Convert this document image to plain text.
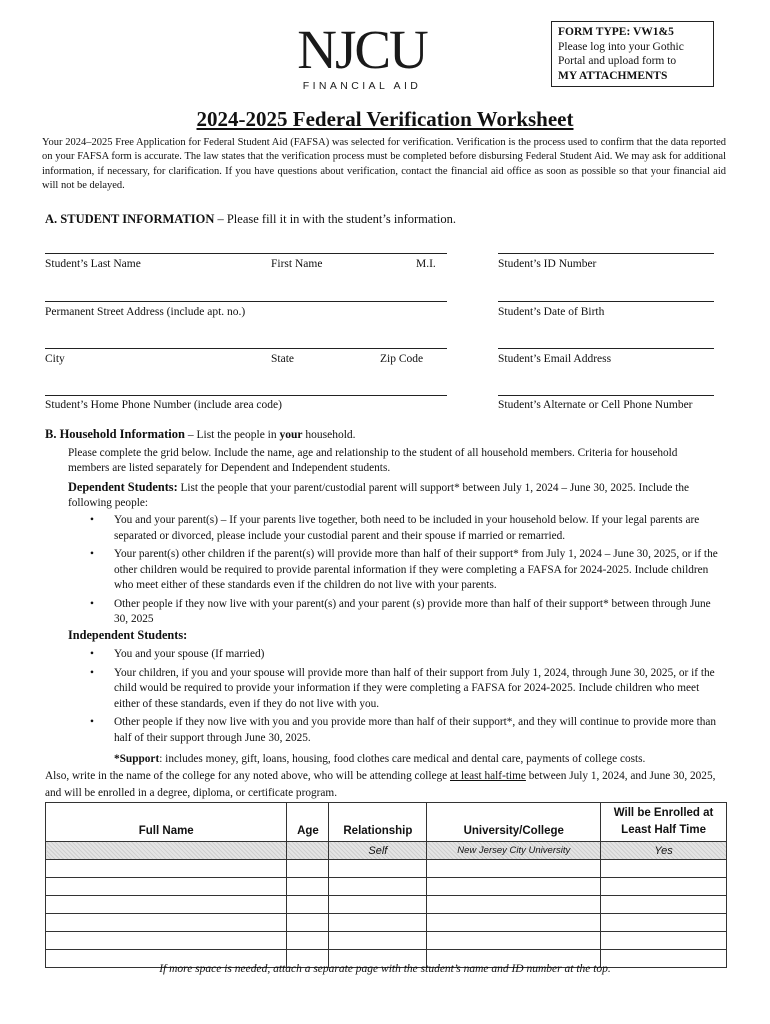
NJCU
FINANCIAL AID
FORM TYPE: VW1&5
Please log into your Gothic
Portal and upload form to
MY ATTACHMENTS
2024-2025 Federal Verification Worksheet
Your 2024–2025 Free Application for Federal Student Aid (FAFSA) was selected for verification. Verification is the process used to confirm that the data reported on your FAFSA form is accurate. The law states that the verification process must be completed before disbursing Federal Student Aid. We may ask for additional information, if necessary, for clarification. If you have questions about verification, contact the financial aid office as soon as possible so that your financial aid will not be delayed.
A. STUDENT INFORMATION – Please fill it in with the student’s information.
Student’s Last Name	First Name	M.I.	Student’s ID Number
Permanent Street Address (include apt. no.)	Student’s Date of Birth
City	State	Zip Code	Student’s Email Address
Student’s Home Phone Number (include area code)	Student’s Alternate or Cell Phone Number
B. Household Information – List the people in your household.
Please complete the grid below. Include the name, age and relationship to the student of all household members. Criteria for household members are listed separately for Dependent and Independent students.
Dependent Students: List the people that your parent/custodial parent will support* between July 1, 2024 – June 30, 2025. Include the following people:
• You and your parent(s) – If your parents live together, both need to be included in your household below. If your legal parents are separated or divorced, please include your custodial parent and their spouse if married or remarried.
• Your parent(s) other children if the parent(s) will provide more than half of their support* from July 1, 2024 – June 30, 2025, or if the other children would be required to provide parental information if they were completing a FAFSA for 2024-2025. Include children who meet either of these standards even if the children do not live with your parents.
• Other people if they now live with your parent(s) and your parent (s) provide more than half of their support* between through June 30, 2025
Independent Students:
• You and your spouse (If married)
• Your children, if you and your spouse will provide more than half of their support from July 1, 2024, through June 30, 2025, or if the child would be required to provide your information if they were completing a FAFSA for 2024-2025. Include children who meet either of these standards, even if they do not live with you.
• Other people if they now live with you and you provide more than half of their support*, and they will continue to provide more than half of their support through June 30, 2025.
*Support: includes money, gift, loans, housing, food clothes care medical and dental care, payments of college costs.
Also, write in the name of the college for any noted above, who will be attending college at least half-time between July 1, 2024, and June 30, 2025, and will be enrolled in a degree, diploma, or certificate program.
Full Name	Age	Relationship	University/College	Will be Enrolled at Least Half Time
		Self	New Jersey City University	Yes

If more space is needed, attach a separate page with the student’s name and ID number at the top.
